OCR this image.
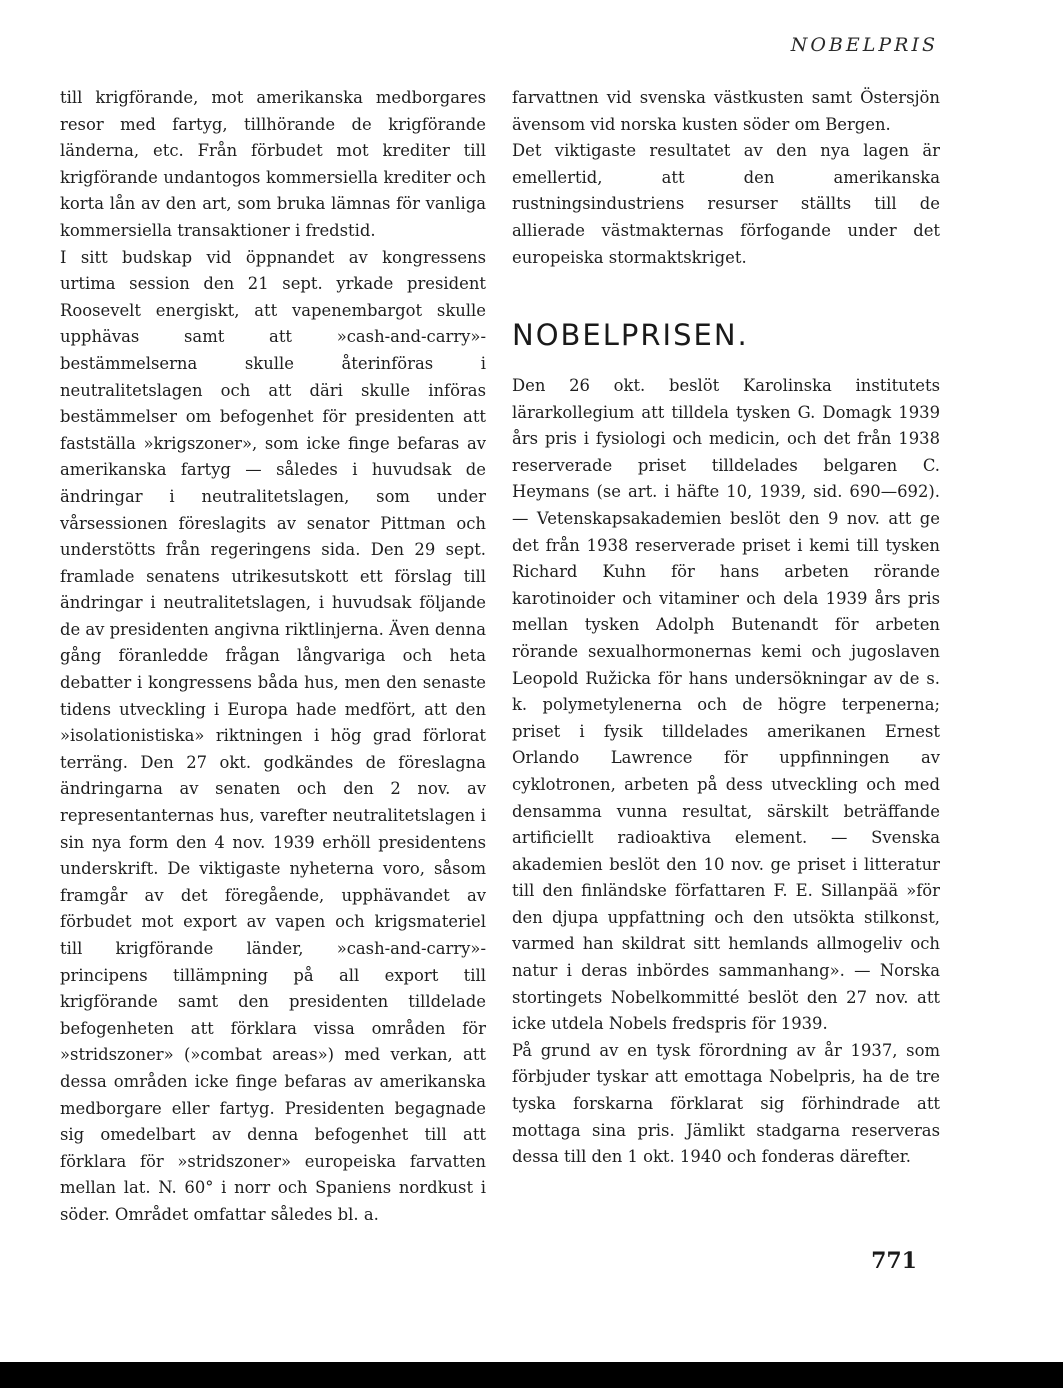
NOBELPRIS

till krigförande, mot amerikanska medborgares resor med fartyg, tillhörande de krigförande länderna, etc. Från förbudet mot krediter till krigförande undantogos kommersiella krediter och korta lån av den art, som bruka lämnas för vanliga kommersiella transaktioner i fredstid.

I sitt budskap vid öppnandet av kongressens urtima session den 21 sept. yrkade president Roosevelt energiskt, att vapenembargot skulle upphävas samt att »cash-and-carry»-bestämmelserna skulle återinföras i neutralitetslagen och att däri skulle införas bestämmelser om befogenhet för presidenten att fastställa »krigszoner», som icke finge befaras av amerikanska fartyg — således i huvudsak de ändringar i neutralitetslagen, som under vårsessionen föreslagits av senator Pittman och understötts från regeringens sida. Den 29 sept. framlade senatens utrikesutskott ett förslag till ändringar i neutralitetslagen, i huvudsak följande de av presidenten angivna riktlinjerna. Även denna gång föranledde frågan långvariga och heta debatter i kongressens båda hus, men den senaste tidens utveckling i Europa hade medfört, att den »isolationistiska» riktningen i hög grad förlorat terräng. Den 27 okt. godkändes de föreslagna ändringarna av senaten och den 2 nov. av representanternas hus, varefter neutralitetslagen i sin nya form den 4 nov. 1939 erhöll presidentens underskrift. De viktigaste nyheterna voro, såsom framgår av det föregående, upphävandet av förbudet mot export av vapen och krigsmateriel till krigförande länder, »cash-and-carry»-principens tillämpning på all export till krigförande samt den presidenten tilldelade befogenheten att förklara vissa områden för »stridszoner» (»combat areas») med verkan, att dessa områden icke finge befaras av amerikanska medborgare eller fartyg. Presidenten begagnade sig omedelbart av denna befogenhet till att förklara för »stridszoner» europeiska farvatten mellan lat. N. 60° i norr och Spaniens nordkust i söder. Området omfattar således bl. a.

farvattnen vid svenska västkusten samt Östersjön ävensom vid norska kusten söder om Bergen.

Det viktigaste resultatet av den nya lagen är emellertid, att den amerikanska rustningsindustriens resurser ställts till de allierade västmakternas förfogande under det europeiska stormaktskriget.

NOBELPRISEN.

Den 26 okt. beslöt Karolinska institutets lärarkollegium att tilldela tysken G. Domagk 1939 års pris i fysiologi och medicin, och det från 1938 reserverade priset tilldelades belgaren C. Heymans (se art. i häfte 10, 1939, sid. 690—692). — Vetenskapsakademien beslöt den 9 nov. att ge det från 1938 reserverade priset i kemi till tysken Richard Kuhn för hans arbeten rörande karotinoider och vitaminer och dela 1939 års pris mellan tysken Adolph Butenandt för arbeten rörande sexualhormonernas kemi och jugoslaven Leopold Ružicka för hans undersökningar av de s. k. polymetylenerna och de högre terpenerna; priset i fysik tilldelades amerikanen Ernest Orlando Lawrence för uppfinningen av cyklotronen, arbeten på dess utveckling och med densamma vunna resultat, särskilt beträffande artificiellt radioaktiva element. — Svenska akademien beslöt den 10 nov. ge priset i litteratur till den finländske författaren F. E. Sillanpää »för den djupa uppfattning och den utsökta stilkonst, varmed han skildrat sitt hemlands allmogeliv och natur i deras inbördes sammanhang». — Norska stortingets Nobelkommitté beslöt den 27 nov. att icke utdela Nobels fredspris för 1939.

På grund av en tysk förordning av år 1937, som förbjuder tyskar att emottaga Nobelpris, ha de tre tyska forskarna förklarat sig förhindrade att mottaga sina pris. Jämlikt stadgarna reserveras dessa till den 1 okt. 1940 och fonderas därefter.

771
